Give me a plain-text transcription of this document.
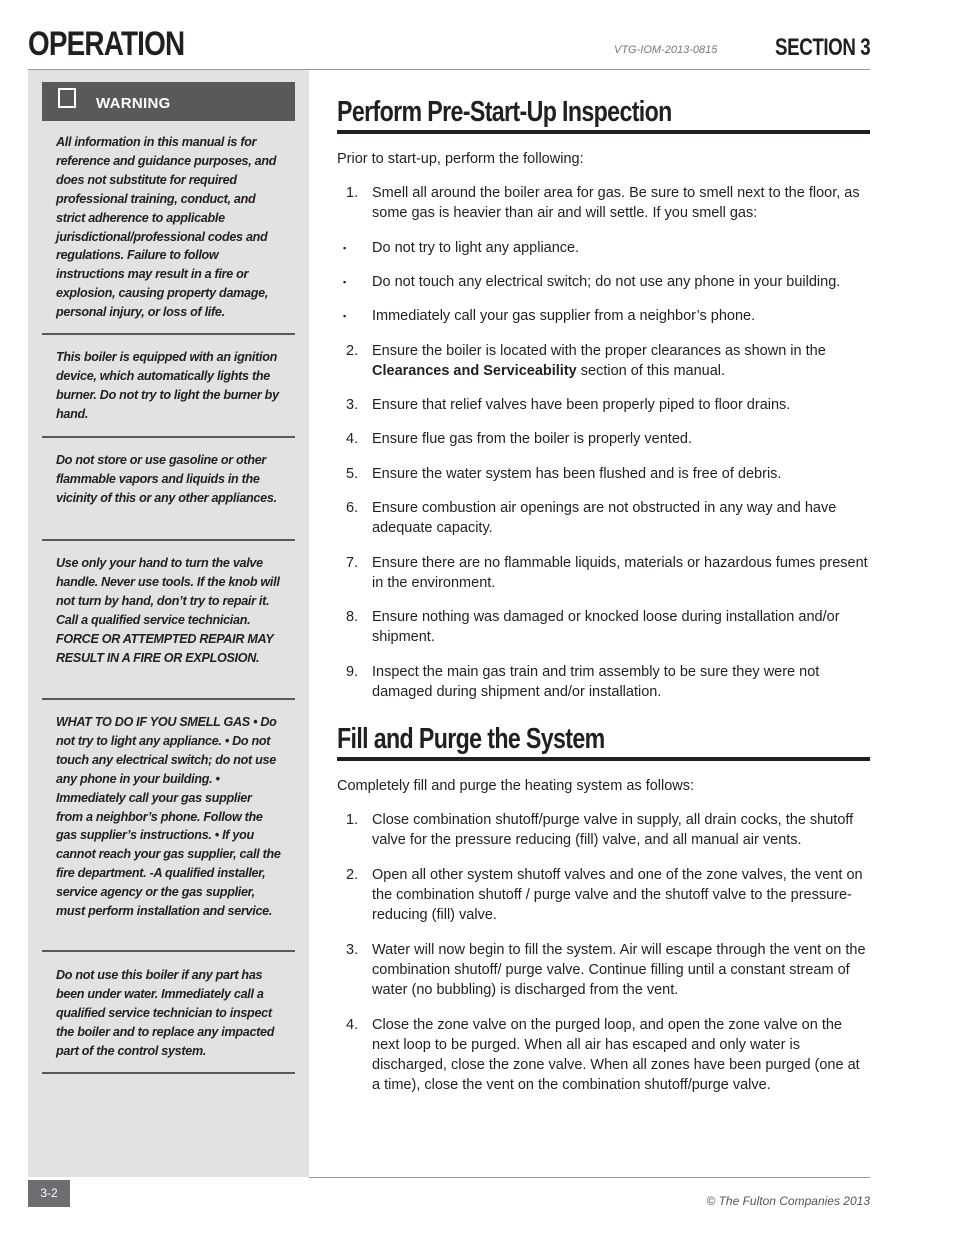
OPERATION	VTG-IOM-2013-0815 SECTION 3
WARNING
All information in this manual is for reference and guidance purposes, and does not substitute for required professional training, conduct, and strict adherence to applicable jurisdictional/professional codes and regulations. Failure to follow instructions may result in a fire or explosion, causing property damage, personal injury, or loss of life.
This boiler is equipped with an ignition device, which automatically lights the burner. Do not try to light the burner by hand.
Do not store or use gasoline or other flammable vapors and liquids in the vicinity of this or any other appliances.
Use only your hand to turn the valve handle. Never use tools. If the knob will not turn by hand, don’t try to repair it. Call a qualified service technician. FORCE OR ATTEMPTED REPAIR MAY RESULT IN A FIRE OR EXPLOSION.
WHAT TO DO IF YOU SMELL GAS • Do not try to light any appliance. • Do not touch any electrical switch; do not use any phone in your building. • Immediately call your gas supplier from a neighbor’s phone. Follow the gas supplier’s instructions. • If you cannot reach your gas supplier, call the fire department. -A qualified installer, service agency or the gas supplier, must perform installation and service.
Do not use this boiler if any part has been under water. Immediately call a qualified service technician to inspect the boiler and to replace any impacted part of the control system.
Perform Pre-Start-Up Inspection
Prior to start-up, perform the following:
1. Smell all around the boiler area for gas. Be sure to smell next to the floor, as some gas is heavier than air and will settle. If you smell gas:
▪	Do not try to light any appliance.
▪	Do not touch any electrical switch; do not use any phone in your building.
▪	Immediately call your gas supplier from a neighbor’s phone.
2. Ensure the boiler is located with the proper clearances as shown in the Clearances and Serviceability section of this manual.
3. Ensure that relief valves have been properly piped to floor drains.
4. Ensure flue gas from the boiler is properly vented.
5. Ensure the water system has been flushed and is free of debris.
6. Ensure combustion air openings are not obstructed in any way and have adequate capacity.
7. Ensure there are no flammable liquids, materials or hazardous fumes present in the environment.
8. Ensure nothing was damaged or knocked loose during installation and/or shipment.
9. Inspect the main gas train and trim assembly to be sure they were not damaged during shipment and/or installation.
Fill and Purge the System
Completely fill and purge the heating system as follows:
1. Close combination shutoff/purge valve in supply, all drain cocks, the shutoff valve for the pressure reducing (fill) valve, and all manual air vents.
2. Open all other system shutoff valves and one of the zone valves, the vent on the combination shutoff / purge valve and the shutoff valve to the pressure-reducing (fill) valve.
3. Water will now begin to fill the system. Air will escape through the vent on the combination shutoff/ purge valve. Continue filling until a constant stream of water (no bubbling) is discharged from the vent.
4. Close the zone valve on the purged loop, and open the zone valve on the next loop to be purged. When all air has escaped and only water is discharged, close the zone valve. When all zones have been purged (one at a time), close the vent on the combination shutoff/purge valve.
3-2
© The Fulton Companies 2013
